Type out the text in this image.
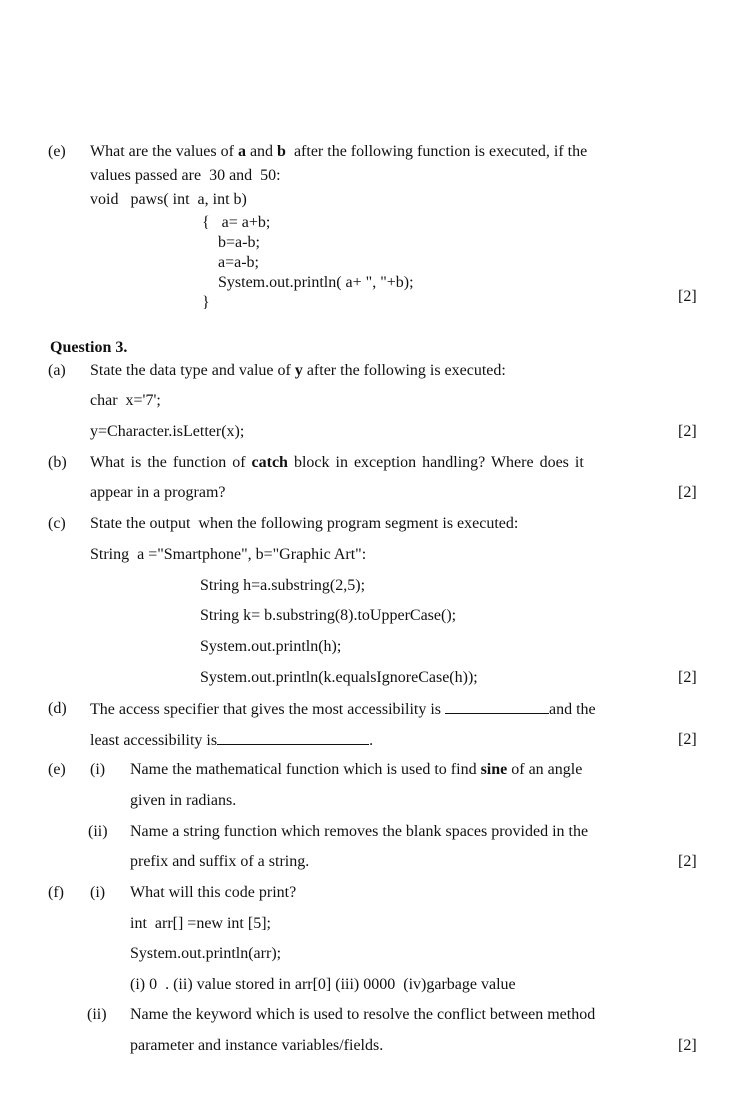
(e) What are the values of a and b  after the following function is executed, if the
values passed are  30 and  50:
void   paws( int  a, int b)
{   a= a+b;
b=a-b;
a=a-b;
System.out.println( a+ ", "+b);
}	[2]
Question 3.
(a) State the data type and value of y after the following is executed:
char  x='7';
y=Character.isLetter(x);	[2]
(b) What is the function of catch block in exception handling? Where does it
appear in a program?	[2]
(c) State the output  when the following program segment is executed:
String  a ="Smartphone", b="Graphic Art":
String h=a.substring(2,5);
String k= b.substring(8).toUpperCase();
System.out.println(h);
System.out.println(k.equalsIgnoreCase(h));	[2]
(d) The access specifier that gives the most accessibility is	and the
least accessibility is	.	[2]
(e) (i) Name the mathematical function which is used to find sine of an angle
given in radians.
(ii) Name a string function which removes the blank spaces provided in the
prefix and suffix of a string.	[2]
(f) (i) What will this code print?
int  arr[] =new int [5];
System.out.println(arr);
(i) 0  . (ii) value stored in arr[0] (iii) 0000  (iv)garbage value
(ii) Name the keyword which is used to resolve the conflict between method
parameter and instance variables/fields.	[2]
